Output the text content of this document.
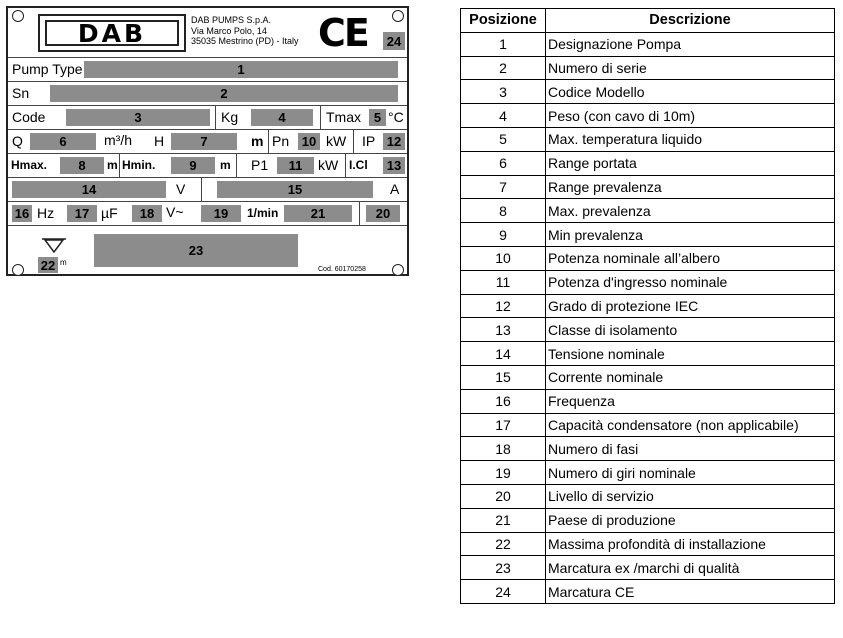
DAB	DAB PUMPS S.p.A.
Via Marco Polo, 14
35035 Mestrino (PD) - Italy CE 24
Pump Type	1
Sn	2
Code	3	Kg	4	Tmax 5 °C
Q	6	m³/h H	7	m Pn 10 kW IP 12
Hmax.	8	m Hmin.	9	m P1	11	kW I.Cl 13
14	V	15	A
16 Hz	17 µF	18 V~	19	1/min	21	20
22 m
23
Cod. 60170258
Posizione	Descrizione
1	Designazione Pompa
2	Numero di serie
3	Codice Modello
4	Peso (con cavo di 10m)
5	Max. temperatura liquido
6	Range portata
7	Range prevalenza
8	Max. prevalenza
9	Min prevalenza
10	Potenza nominale all’albero
11	Potenza d'ingresso nominale
12	Grado di protezione IEC
13	Classe di isolamento
14	Tensione nominale
15	Corrente nominale
16	Frequenza
17	Capacità condensatore (non applicabile)
18	Numero di fasi
19	Numero di giri nominale
20	Livello di servizio
21	Paese di produzione
22	Massima profondità di installazione
23	Marcatura ex /marchi di qualità
24	Marcatura CE
